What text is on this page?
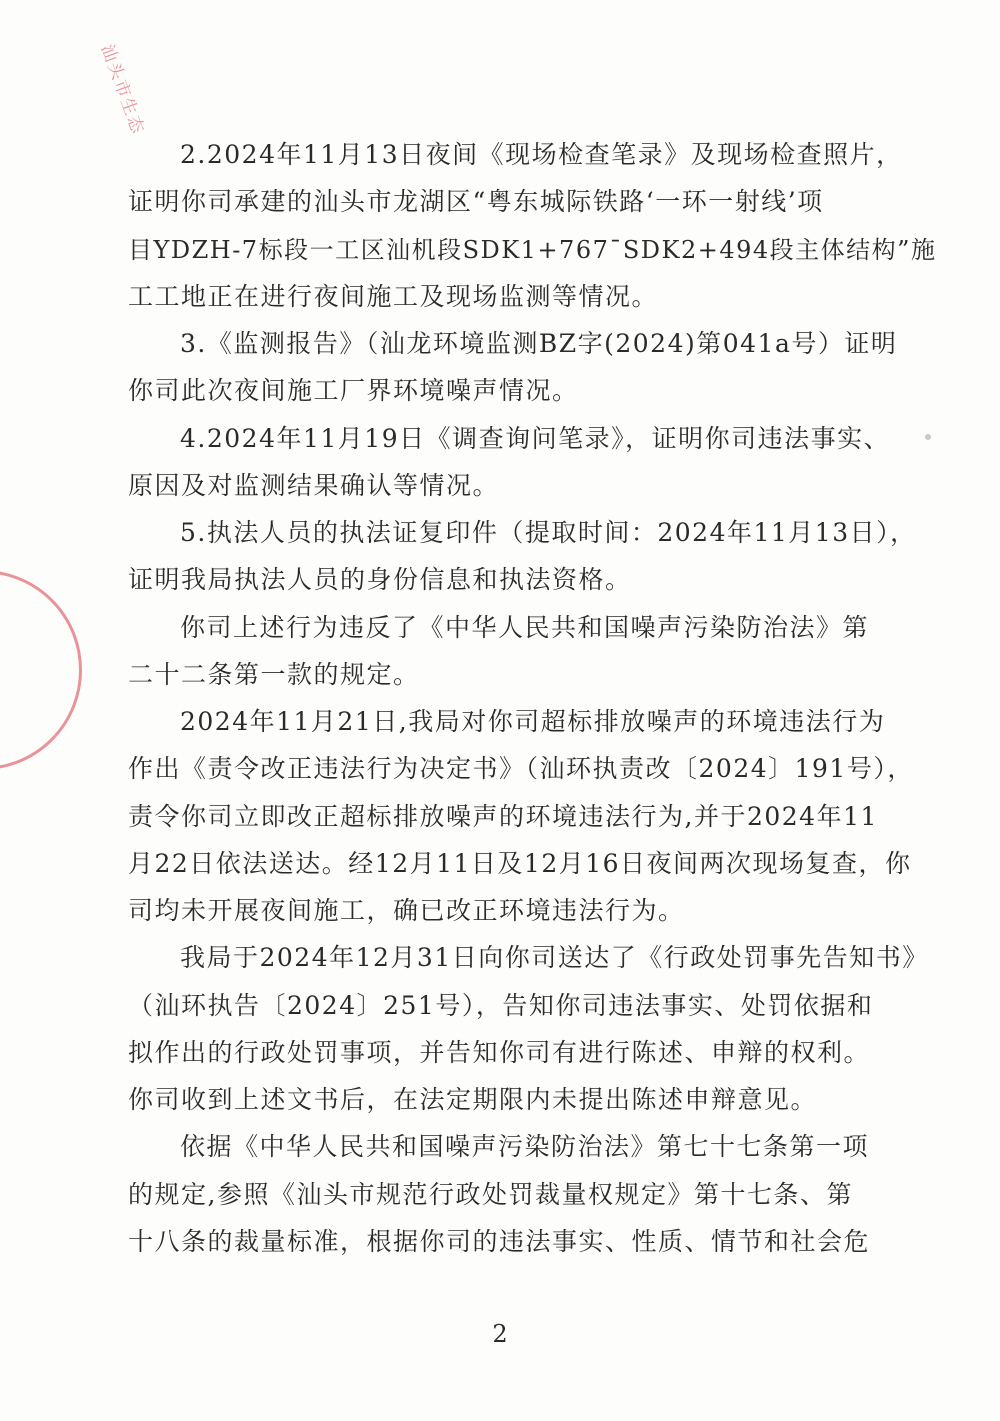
汕头市生态
2.2024年11月13日夜间《现场检查笔录》及现场检查照片，
证明你司承建的汕头市龙湖区“粤东城际铁路‘一环一射线’项
目YDZH-7标段一工区汕机段SDK1+767¯SDK2+494段主体结构”施
工工地正在进行夜间施工及现场监测等情况。
3.《监测报告》（汕龙环境监测BZ字(2024)第041a号）证明
你司此次夜间施工厂界环境噪声情况。
4.2024年11月19日《调查询问笔录》，证明你司违法事实、
原因及对监测结果确认等情况。
5.执法人员的执法证复印件（提取时间：2024年11月13日），
证明我局执法人员的身份信息和执法资格。
你司上述行为违反了《中华人民共和国噪声污染防治法》第
二十二条第一款的规定。
2024年11月21日,我局对你司超标排放噪声的环境违法行为
作出《责令改正违法行为决定书》（汕环执责改〔2024〕191号），
责令你司立即改正超标排放噪声的环境违法行为,并于2024年11
月22日依法送达。经12月11日及12月16日夜间两次现场复查，你
司均未开展夜间施工，确已改正环境违法行为。
我局于2024年12月31日向你司送达了《行政处罚事先告知书》
（汕环执告〔2024〕251号），告知你司违法事实、处罚依据和
拟作出的行政处罚事项，并告知你司有进行陈述、申辩的权利。
你司收到上述文书后，在法定期限内未提出陈述申辩意见。
依据《中华人民共和国噪声污染防治法》第七十七条第一项
的规定,参照《汕头市规范行政处罚裁量权规定》第十七条、第
十八条的裁量标准，根据你司的违法事实、性质、情节和社会危
2
